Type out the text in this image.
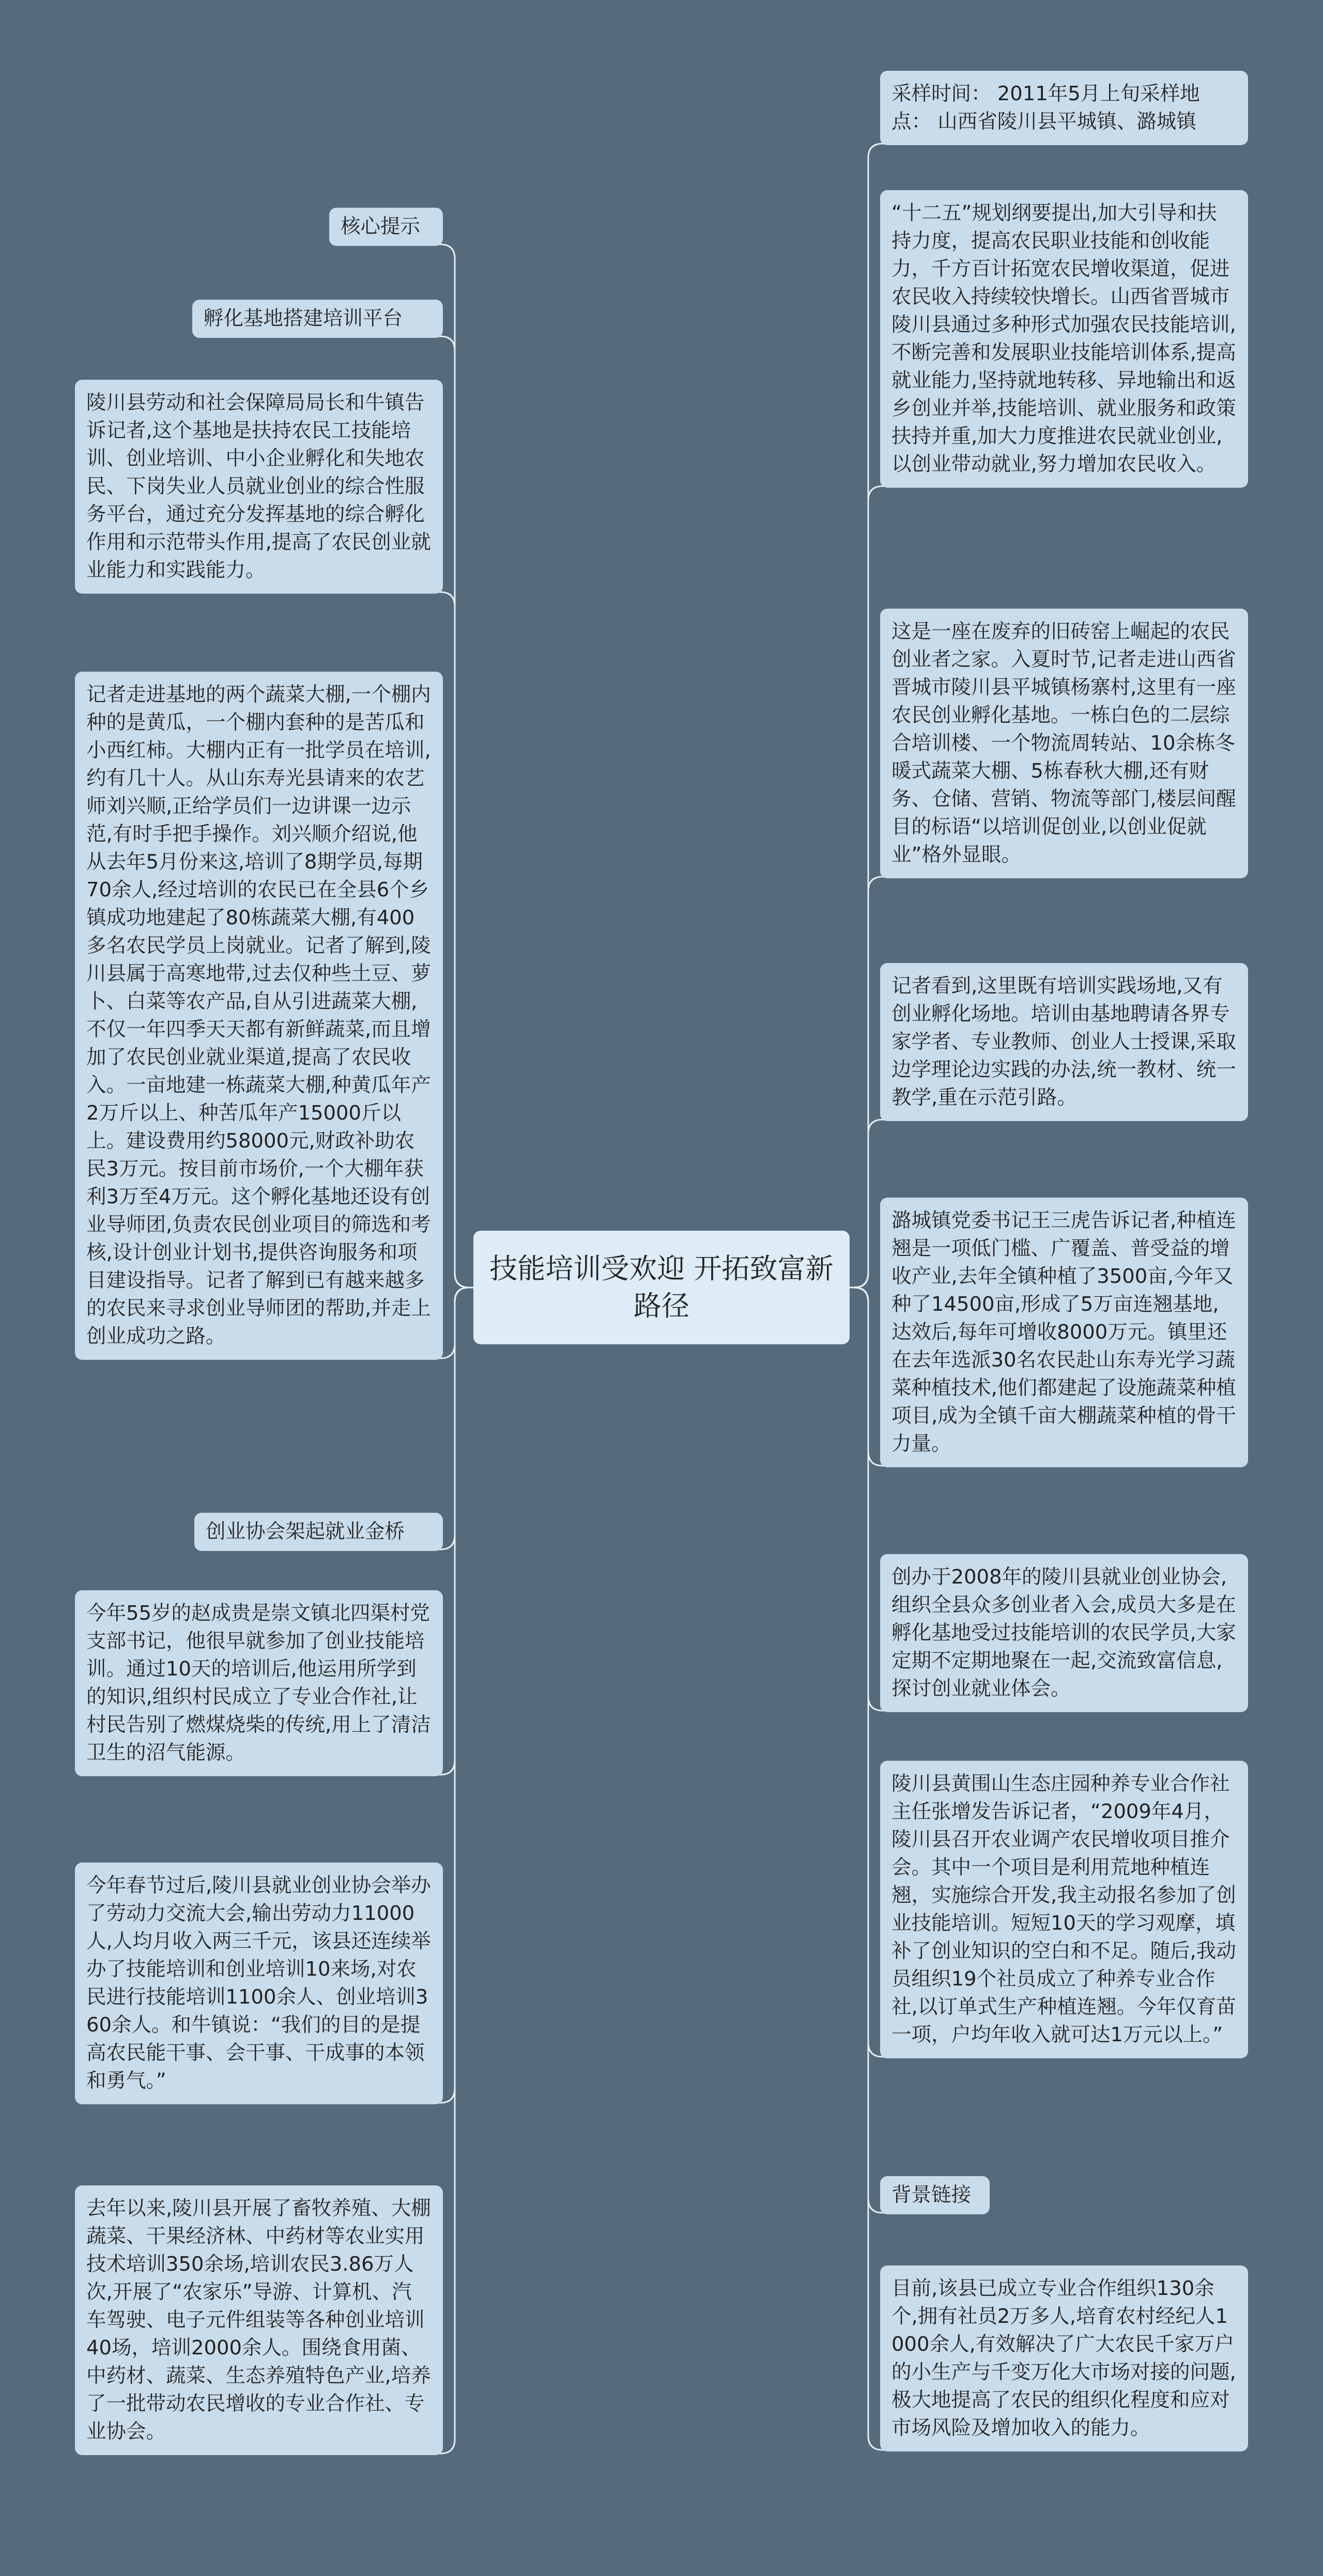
技能培训受欢迎 开拓致富新路径
核心提示
孵化基地搭建培训平台
陵川县劳动和社会保障局局长和牛镇告诉记者,这个基地是扶持农民工技能培训、创业培训、中小企业孵化和失地农民、下岗失业人员就业创业的综合性服务平台，通过充分发挥基地的综合孵化作用和示范带头作用,提高了农民创业就业能力和实践能力。
记者走进基地的两个蔬菜大棚,一个棚内种的是黄瓜，一个棚内套种的是苦瓜和小西红柿。大棚内正有一批学员在培训,约有几十人。从山东寿光县请来的农艺师刘兴顺,正给学员们一边讲课一边示范,有时手把手操作。刘兴顺介绍说,他从去年5月份来这,培训了8期学员,每期70余人,经过培训的农民已在全县6个乡镇成功地建起了80栋蔬菜大棚,有400多名农民学员上岗就业。记者了解到,陵川县属于高寒地带,过去仅种些土豆、萝卜、白菜等农产品,自从引进蔬菜大棚,不仅一年四季天天都有新鲜蔬菜,而且增加了农民创业就业渠道,提高了农民收入。一亩地建一栋蔬菜大棚,种黄瓜年产2万斤以上、种苦瓜年产15000斤以上。建设费用约58000元,财政补助农民3万元。按目前市场价,一个大棚年获利3万至4万元。这个孵化基地还设有创业导师团,负责农民创业项目的筛选和考核,设计创业计划书,提供咨询服务和项目建设指导。记者了解到已有越来越多的农民来寻求创业导师团的帮助,并走上创业成功之路。
创业协会架起就业金桥
今年55岁的赵成贵是崇文镇北四渠村党支部书记，他很早就参加了创业技能培训。通过10天的培训后,他运用所学到的知识,组织村民成立了专业合作社,让村民告别了燃煤烧柴的传统,用上了清洁卫生的沼气能源。
今年春节过后,陵川县就业创业协会举办了劳动力交流大会,输出劳动力11000人,人均月收入两三千元，该县还连续举办了技能培训和创业培训10来场,对农民进行技能培训1100余人、创业培训360余人。和牛镇说：“我们的目的是提高农民能干事、会干事、干成事的本领和勇气。”
去年以来,陵川县开展了畜牧养殖、大棚蔬菜、干果经济林、中药材等农业实用技术培训350余场,培训农民3.86万人次,开展了“农家乐”导游、计算机、汽车驾驶、电子元件组装等各种创业培训40场，培训2000余人。围绕食用菌、中药材、蔬菜、生态养殖特色产业,培养了一批带动农民增收的专业合作社、专业协会。
采样时间： 2011年5月上旬采样地点： 山西省陵川县平城镇、潞城镇
“十二五”规划纲要提出,加大引导和扶持力度，提高农民职业技能和创收能力，千方百计拓宽农民增收渠道，促进农民收入持续较快增长。山西省晋城市陵川县通过多种形式加强农民技能培训,不断完善和发展职业技能培训体系,提高就业能力,坚持就地转移、异地输出和返乡创业并举,技能培训、就业服务和政策扶持并重,加大力度推进农民就业创业,以创业带动就业,努力增加农民收入。
这是一座在废弃的旧砖窑上崛起的农民创业者之家。入夏时节,记者走进山西省晋城市陵川县平城镇杨寨村,这里有一座农民创业孵化基地。一栋白色的二层综合培训楼、一个物流周转站、10余栋冬暖式蔬菜大棚、5栋春秋大棚,还有财务、仓储、营销、物流等部门,楼层间醒目的标语“以培训促创业,以创业促就业”格外显眼。
记者看到,这里既有培训实践场地,又有创业孵化场地。培训由基地聘请各界专家学者、专业教师、创业人士授课,采取边学理论边实践的办法,统一教材、统一教学,重在示范引路。
潞城镇党委书记王三虎告诉记者,种植连翘是一项低门槛、广覆盖、普受益的增收产业,去年全镇种植了3500亩,今年又种了14500亩,形成了5万亩连翘基地,达效后,每年可增收8000万元。镇里还在去年选派30名农民赴山东寿光学习蔬菜种植技术,他们都建起了设施蔬菜种植项目,成为全镇千亩大棚蔬菜种植的骨干力量。
创办于2008年的陵川县就业创业协会,组织全县众多创业者入会,成员大多是在孵化基地受过技能培训的农民学员,大家定期不定期地聚在一起,交流致富信息,探讨创业就业体会。
陵川县黄围山生态庄园种养专业合作社主任张增发告诉记者，“2009年4月，陵川县召开农业调产农民增收项目推介会。其中一个项目是利用荒地种植连翘，实施综合开发,我主动报名参加了创业技能培训。短短10天的学习观摩，填补了创业知识的空白和不足。随后,我动员组织19个社员成立了种养专业合作社,以订单式生产种植连翘。今年仅育苗一项，户均年收入就可达1万元以上。”
背景链接
目前,该县已成立专业合作组织130余个,拥有社员2万多人,培育农村经纪人1000余人,有效解决了广大农民千家万户的小生产与千变万化大市场对接的问题,极大地提高了农民的组织化程度和应对市场风险及增加收入的能力。
